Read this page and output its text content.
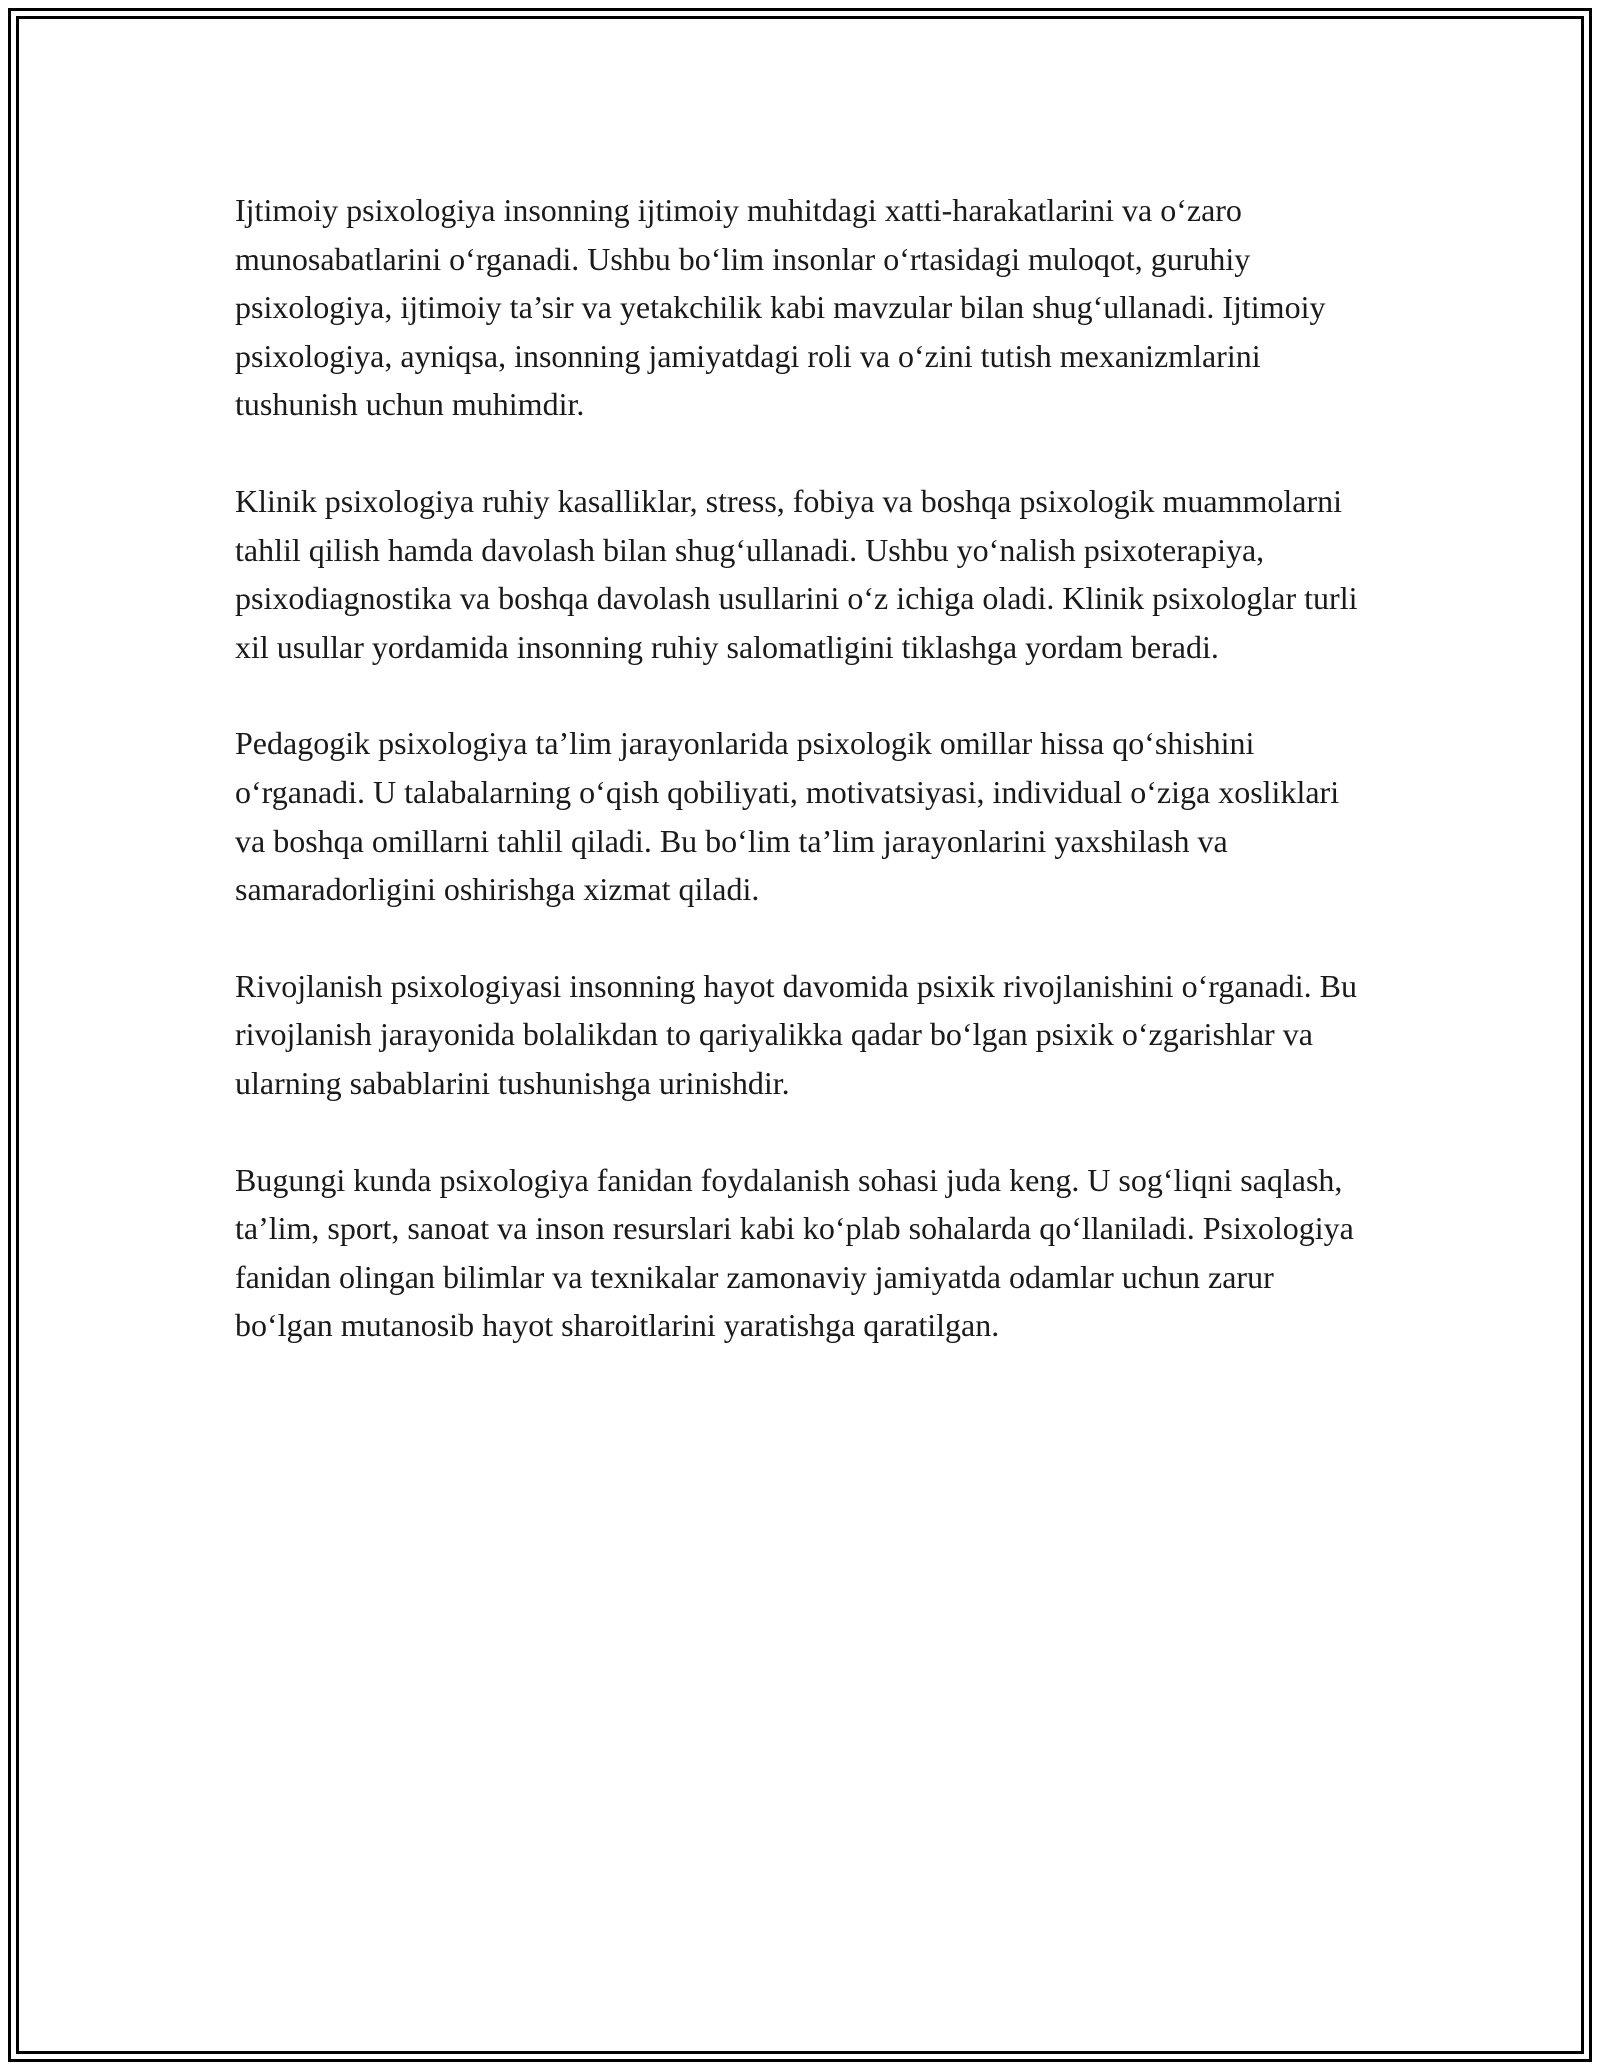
Ijtimoiy psixologiya insonning ijtimoiy muhitdagi xatti-harakatlarini va o‘zaro munosabatlarini o‘rganadi. Ushbu bo‘lim insonlar o‘rtasidagi muloqot, guruhiy psixologiya, ijtimoiy ta’sir va yetakchilik kabi mavzular bilan shug‘ullanadi. Ijtimoiy psixologiya, ayniqsa, insonning jamiyatdagi roli va o‘zini tutish mexanizmlarini tushunish uchun muhimdir.

Klinik psixologiya ruhiy kasalliklar, stress, fobiya va boshqa psixologik muammolarni tahlil qilish hamda davolash bilan shug‘ullanadi. Ushbu yo‘nalish psixoterapiya, psixodiagnostika va boshqa davolash usullarini o‘z ichiga oladi. Klinik psixologlar turli xil usullar yordamida insonning ruhiy salomatligini tiklashga yordam beradi.

Pedagogik psixologiya ta’lim jarayonlarida psixologik omillar hissa qo‘shishini o‘rganadi. U talabalarning o‘qish qobiliyati, motivatsiyasi, individual o‘ziga xosliklari va boshqa omillarni tahlil qiladi. Bu bo‘lim ta’lim jarayonlarini yaxshilash va samaradorligini oshirishga xizmat qiladi.

Rivojlanish psixologiyasi insonning hayot davomida psixik rivojlanishini o‘rganadi. Bu rivojlanish jarayonida bolalikdan to qariyalikka qadar bo‘lgan psixik o‘zgarishlar va ularning sabablarini tushunishga urinishdir.

Bugungi kunda psixologiya fanidan foydalanish sohasi juda keng. U sog‘liqni saqlash, ta’lim, sport, sanoat va inson resurslari kabi ko‘plab sohalarda qo‘llaniladi. Psixologiya fanidan olingan bilimlar va texnikalar zamonaviy jamiyatda odamlar uchun zarur bo‘lgan mutanosib hayot sharoitlarini yaratishga qaratilgan.
